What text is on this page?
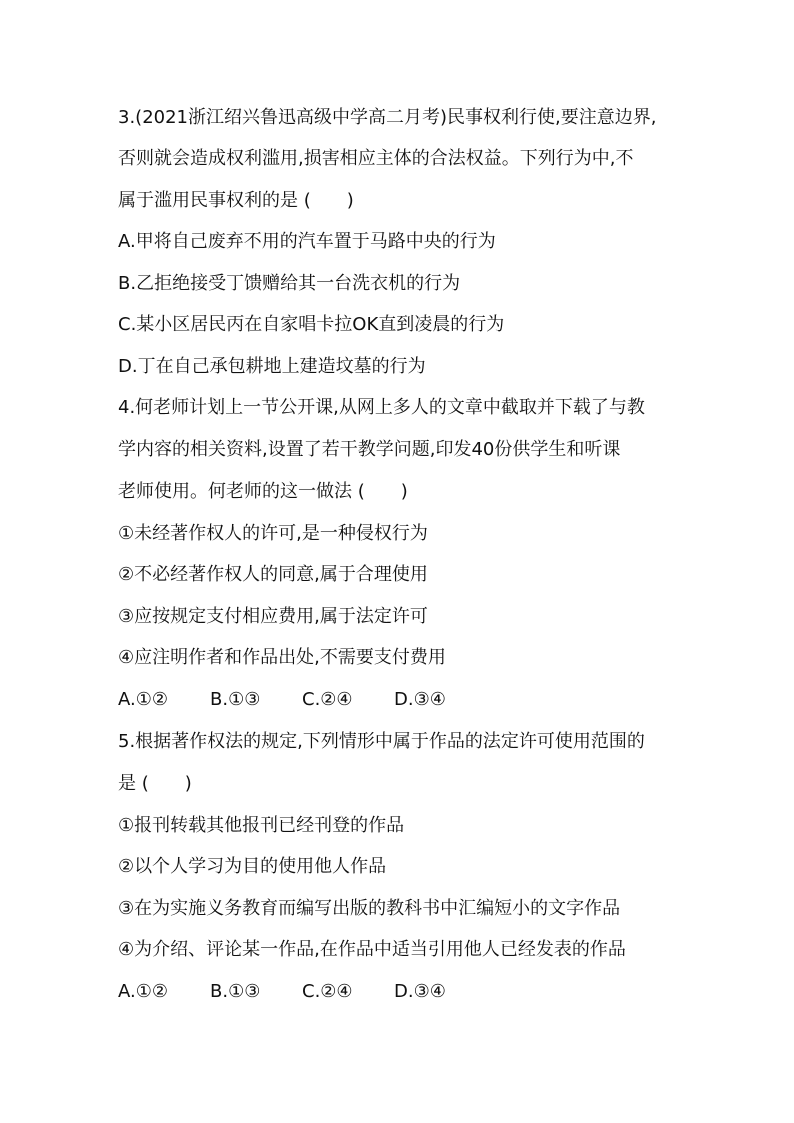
3.(2021浙江绍兴鲁迅高级中学高二月考)民事权利行使,要注意边界,
否则就会造成权利滥用,损害相应主体的合法权益。下列行为中,不
属于滥用民事权利的是 (　　)
A.甲将自己废弃不用的汽车置于马路中央的行为
B.乙拒绝接受丁馈赠给其一台洗衣机的行为
C.某小区居民丙在自家唱卡拉OK直到凌晨的行为
D.丁在自己承包耕地上建造坟墓的行为
4.何老师计划上一节公开课,从网上多人的文章中截取并下载了与教
学内容的相关资料,设置了若干教学问题,印发40份供学生和听课
老师使用。何老师的这一做法 (　　)
①未经著作权人的许可,是一种侵权行为
②不必经著作权人的同意,属于合理使用
③应按规定支付相应费用,属于法定许可
④应注明作者和作品出处,不需要支付费用
A.①② B.①③ C.②④ D.③④
5.根据著作权法的规定,下列情形中属于作品的法定许可使用范围的
是 (　　)
①报刊转载其他报刊已经刊登的作品
②以个人学习为目的使用他人作品
③在为实施义务教育而编写出版的教科书中汇编短小的文字作品
④为介绍、评论某一作品,在作品中适当引用他人已经发表的作品
A.①② B.①③ C.②④ D.③④
